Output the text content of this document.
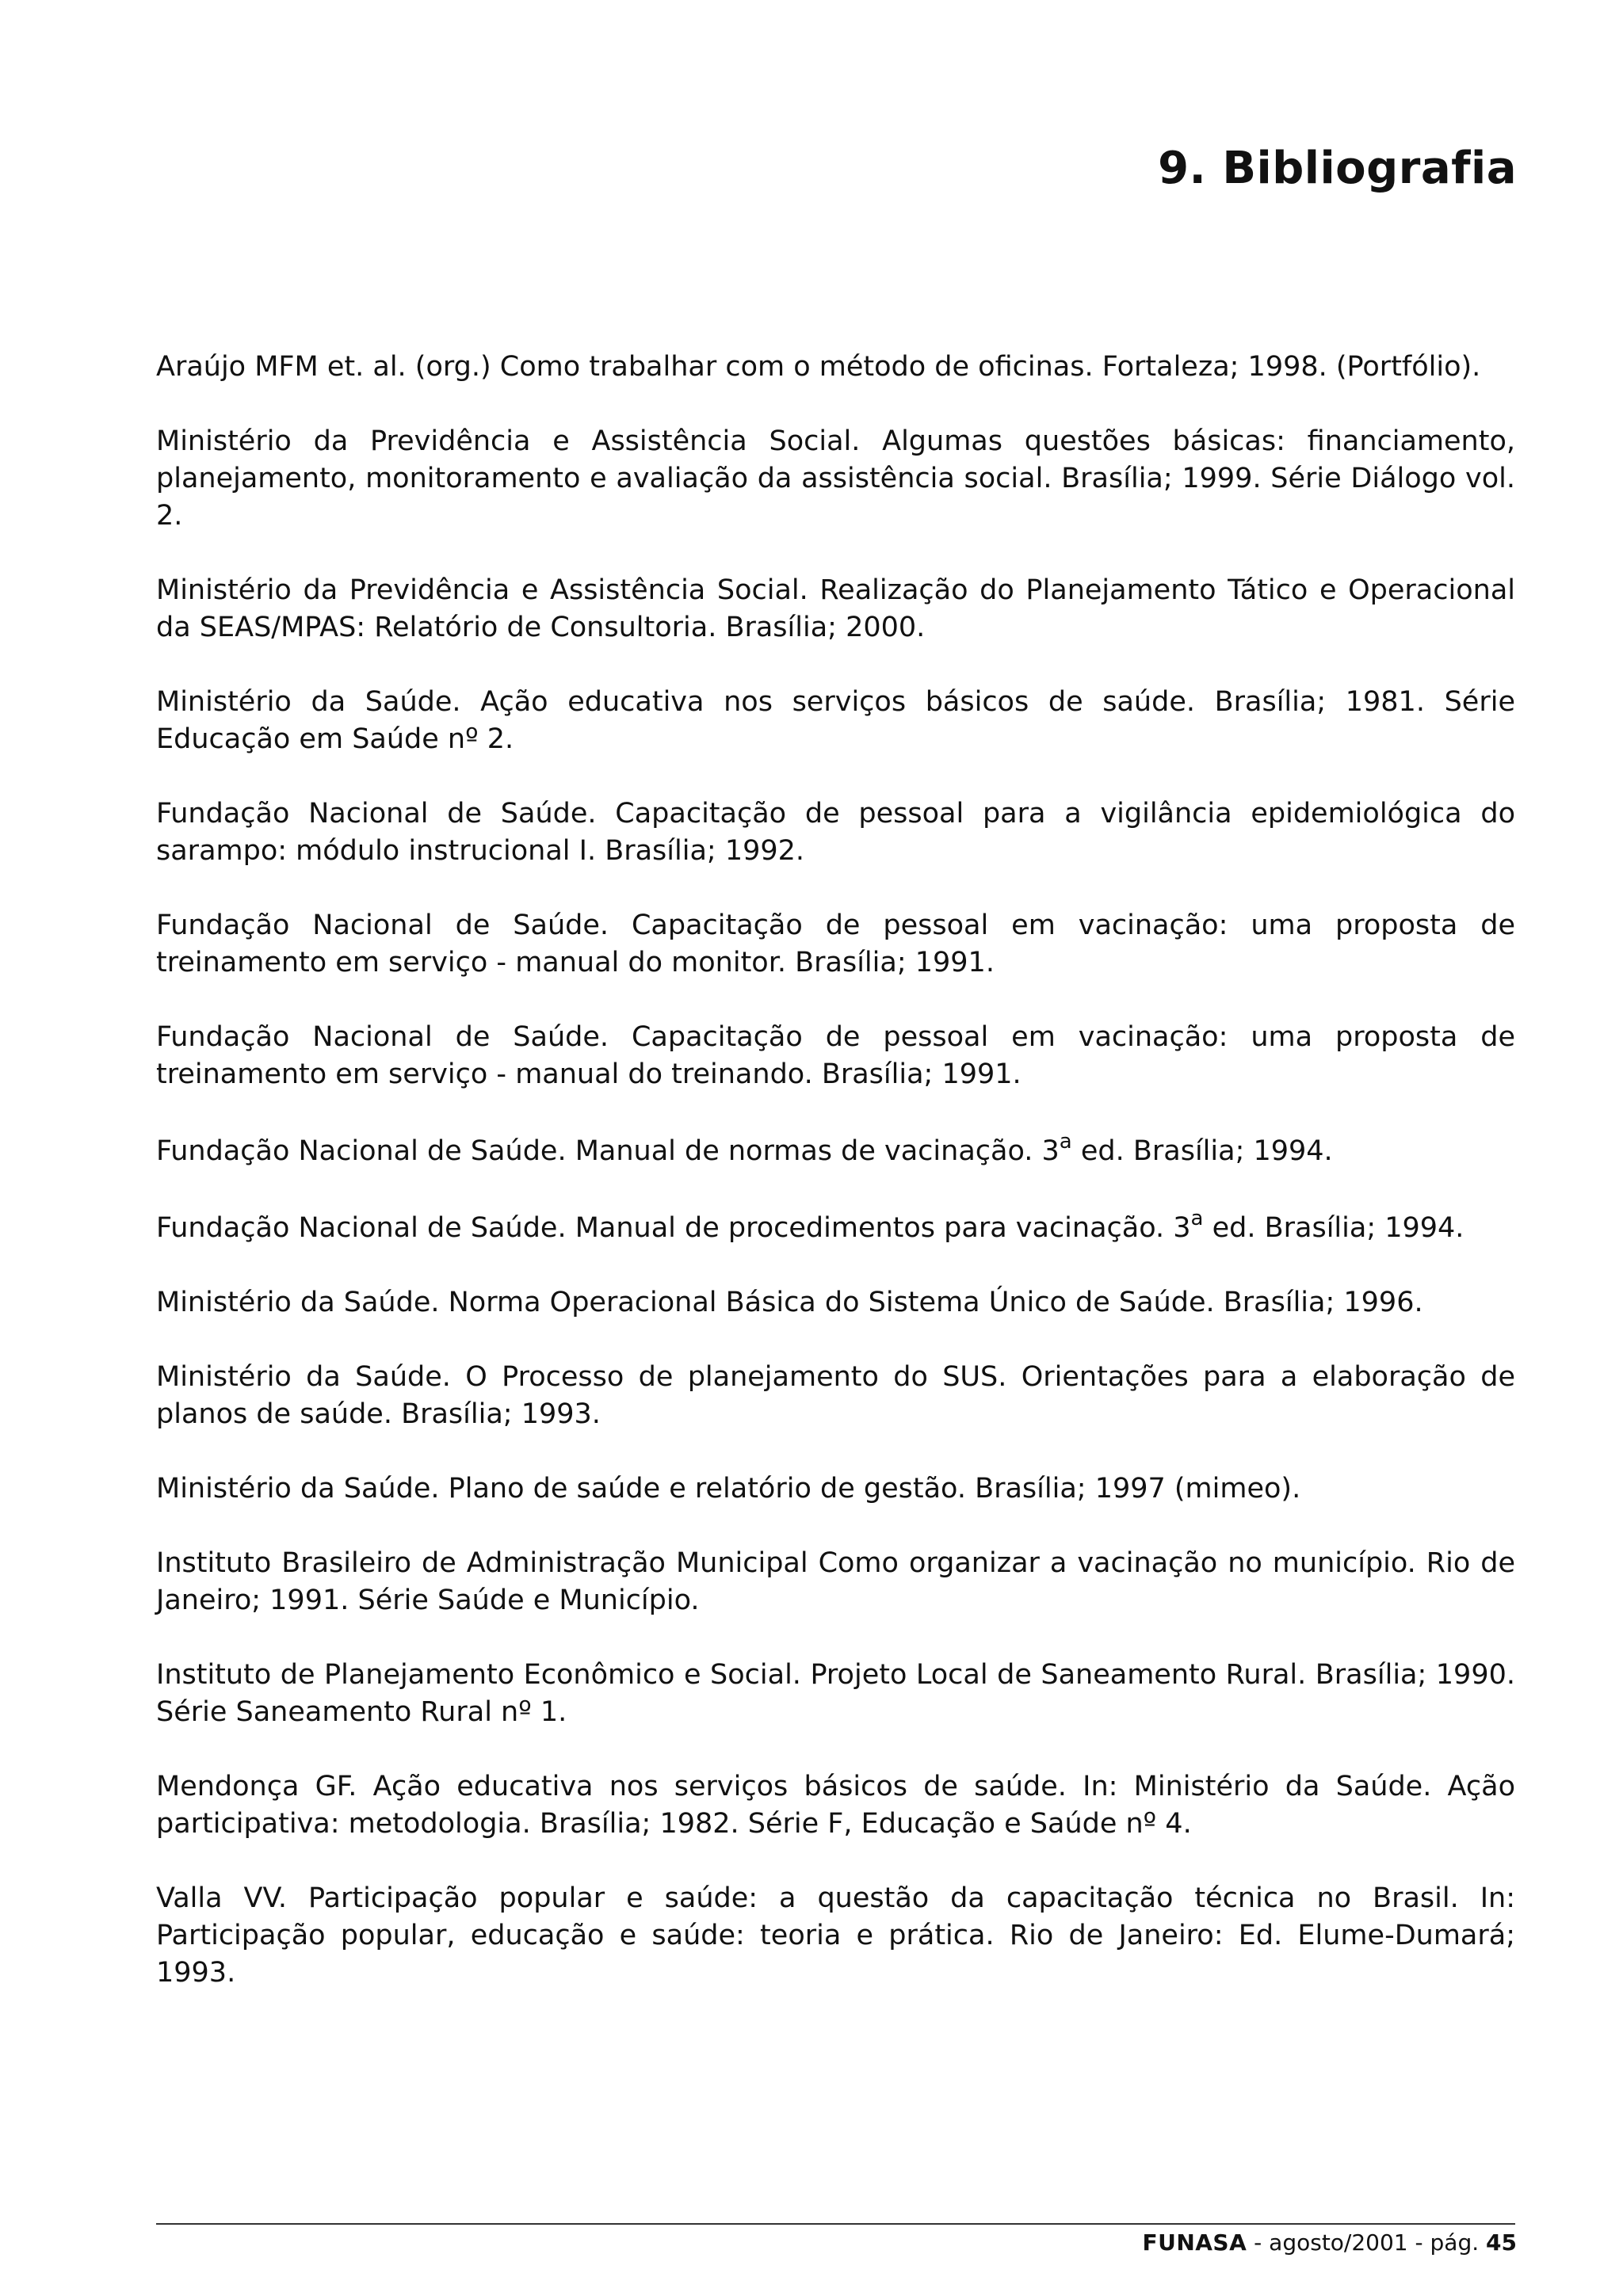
9. Bibliografia

Araújo MFM et. al. (org.) Como trabalhar com o método de oficinas. Fortaleza; 1998. (Portfólio).

Ministério da Previdência e Assistência Social. Algumas questões básicas: financiamento, planejamento, monitoramento e avaliação da assistência social. Brasília; 1999. Série Diálogo vol. 2.

Ministério da Previdência e Assistência Social. Realização do Planejamento Tático e Operacional da SEAS/MPAS: Relatório de Consultoria. Brasília; 2000.

Ministério da Saúde. Ação educativa nos serviços básicos de saúde. Brasília; 1981. Série Educação em Saúde nº 2.

Fundação Nacional de Saúde. Capacitação de pessoal para a vigilância epidemiológica do sarampo: módulo instrucional I. Brasília; 1992.

Fundação Nacional de Saúde. Capacitação de pessoal em vacinação: uma proposta de treinamento em serviço - manual do monitor. Brasília; 1991.

Fundação Nacional de Saúde. Capacitação de pessoal em vacinação: uma proposta de treinamento em serviço - manual do treinando. Brasília; 1991.

Fundação Nacional de Saúde. Manual de normas de vacinação. 3$^a$ ed. Brasília; 1994.

Fundação Nacional de Saúde. Manual de procedimentos para vacinação. 3$^a$ ed. Brasília; 1994.

Ministério da Saúde. Norma Operacional Básica do Sistema Único de Saúde. Brasília; 1996.

Ministério da Saúde. O Processo de planejamento do SUS. Orientações para a elaboração de planos de saúde. Brasília; 1993.

Ministério da Saúde. Plano de saúde e relatório de gestão. Brasília; 1997 (mimeo).

Instituto Brasileiro de Administração Municipal Como organizar a vacinação no município. Rio de Janeiro; 1991. Série Saúde e Município.

Instituto de Planejamento Econômico e Social. Projeto Local de Saneamento Rural. Brasília; 1990. Série Saneamento Rural nº 1.

Mendonça GF. Ação educativa nos serviços básicos de saúde. In: Ministério da Saúde. Ação participativa: metodologia. Brasília; 1982. Série F, Educação e Saúde nº 4.

Valla VV. Participação popular e saúde: a questão da capacitação técnica no Brasil. In: Participação popular, educação e saúde: teoria e prática. Rio de Janeiro: Ed. Elume-Dumará; 1993.

FUNASA - agosto/2001 - pág. 45
